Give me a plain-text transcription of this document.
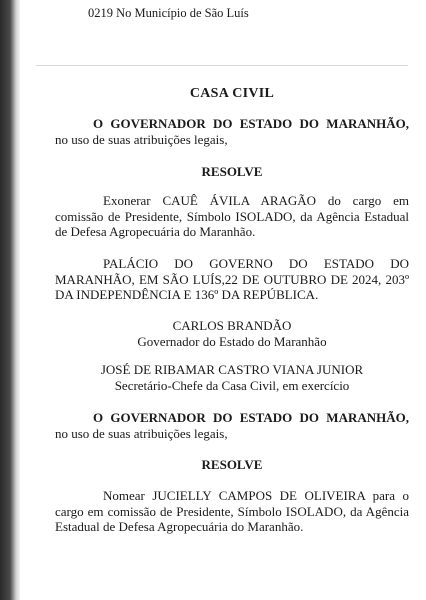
0219 No Município de São Luís

CASA CIVIL

O GOVERNADOR DO ESTADO DO MARANHÃO,

no uso de suas atribuições legais,

RESOLVE
Exonerar CAUÊ ÁVILA ARAGÃO do cargo em comissão de Presidente, Símbolo ISOLADO, da Agência Estadual de Defesa Agropecuária do Maranhão.
PALÁCIO DO GOVERNO DO ESTADO DO MARANHÃO, EM SÃO LUÍS,22 DE OUTUBRO DE 2024, 203º DA INDEPENDÊNCIA E 136º DA REPÚBLICA.

CARLOS BRANDÃO

Governador do Estado do Maranhão

JOSÉ DE RIBAMAR CASTRO VIANA JUNIOR

Secretário-Chefe da Casa Civil, em exercício

O GOVERNADOR DO ESTADO DO MARANHÃO,

no uso de suas atribuições legais,

RESOLVE
Nomear JUCIELLY CAMPOS DE OLIVEIRA para o cargo em comissão de Presidente, Símbolo ISOLADO, da Agência Estadual de Defesa Agropecuária do Maranhão.
